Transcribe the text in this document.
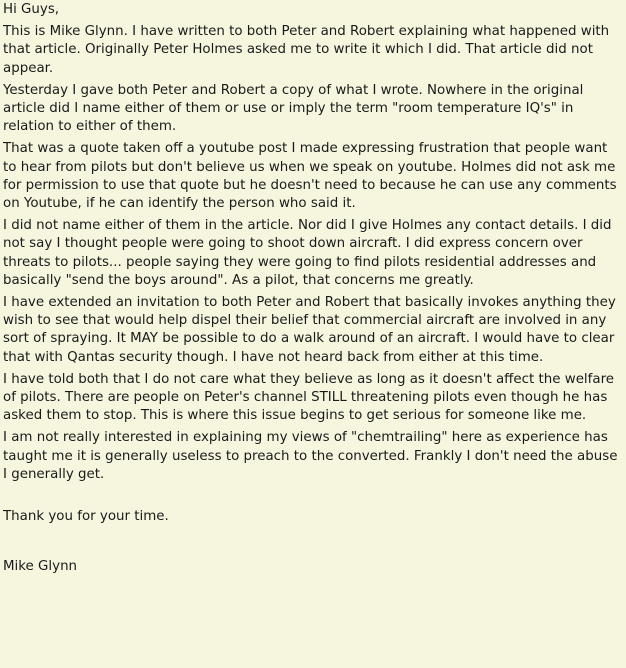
Hi Guys,

This is Mike Glynn. I have written to both Peter and Robert explaining what happened with that article. Originally Peter Holmes asked me to write it which I did. That article did not appear.

Yesterday I gave both Peter and Robert a copy of what I wrote. Nowhere in the original article did I name either of them or use or imply the term "room temperature IQ's" in relation to either of them.

That was a quote taken off a youtube post I made expressing frustration that people want to hear from pilots but don't believe us when we speak on youtube. Holmes did not ask me for permission to use that quote but he doesn't need to because he can use any comments on Youtube, if he can identify the person who said it.

I did not name either of them in the article. Nor did I give Holmes any contact details. I did not say I thought people were going to shoot down aircraft. I did express concern over threats to pilots... people saying they were going to find pilots residential addresses and basically "send the boys around". As a pilot, that concerns me greatly.

I have extended an invitation to both Peter and Robert that basically invokes anything they wish to see that would help dispel their belief that commercial aircraft are involved in any sort of spraying. It MAY be possible to do a walk around of an aircraft. I would have to clear that with Qantas security though. I have not heard back from either at this time.

I have told both that I do not care what they believe as long as it doesn't affect the welfare of pilots. There are people on Peter's channel STILL threatening pilots even though he has asked them to stop. This is where this issue begins to get serious for someone like me.

I am not really interested in explaining my views of "chemtrailing" here as experience has taught me it is generally useless to preach to the converted. Frankly I don't need the abuse I generally get.

Thank you for your time.

Mike Glynn
